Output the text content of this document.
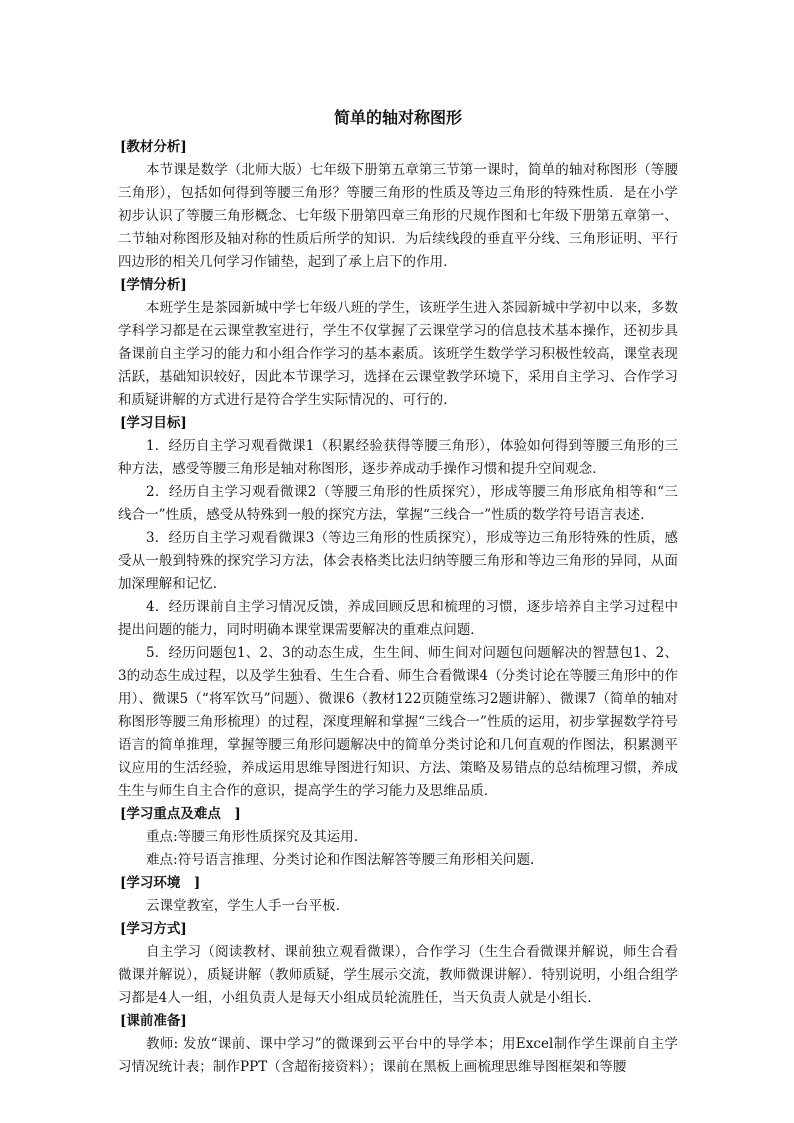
简单的轴对称图形
[教材分析]

本节课是数学（北师大版）七年级下册第五章第三节第一课时，简单的轴对称图形（等腰三角形），包括如何得到等腰三角形？等腰三角形的性质及等边三角形的特殊性质．是在小学初步认识了等腰三角形概念、七年级下册第四章三角形的尺规作图和七年级下册第五章第一、二节轴对称图形及轴对称的性质后所学的知识．为后续线段的垂直平分线、三角形证明、平行四边形的相关几何学习作铺垫，起到了承上启下的作用．

[学情分析]

本班学生是茶园新城中学七年级八班的学生，该班学生进入茶园新城中学初中以来，多数学科学习都是在云课堂教室进行，学生不仅掌握了云课堂学习的信息技术基本操作，还初步具备课前自主学习的能力和小组合作学习的基本素质。该班学生数学学习积极性较高，课堂表现活跃，基础知识较好，因此本节课学习，选择在云课堂教学环境下，采用自主学习、合作学习和质疑讲解的方式进行是符合学生实际情况的、可行的．

[学习目标]

1．经历自主学习观看微课1（积累经验获得等腰三角形），体验如何得到等腰三角形的三种方法，感受等腰三角形是轴对称图形，逐步养成动手操作习惯和提升空间观念．

2．经历自主学习观看微课2（等腰三角形的性质探究），形成等腰三角形底角相等和“三线合一”性质，感受从特殊到一般的探究方法，掌握“三线合一”性质的数学符号语言表述．

3．经历自主学习观看微课3（等边三角形的性质探究），形成等边三角形特殊的性质，感受从一般到特殊的探究学习方法，体会表格类比法归纳等腰三角形和等边三角形的异同，从面加深理解和记忆．

4．经历课前自主学习情况反馈，养成回顾反思和梳理的习惯，逐步培养自主学习过程中提出问题的能力，同时明确本课堂课需要解决的重难点问题．

5．经历问题包1、2、3的动态生成，生生间、师生间对问题包问题解决的智慧包1、2、3的动态生成过程，以及学生独看、生生合看、师生合看微课4（分类讨论在等腰三角形中的作用）、微课5（“将军饮马”问题）、微课6（教材122页随堂练习2题讲解）、微课7（简单的轴对称图形等腰三角形梳理）的过程，深度理解和掌握“三线合一”性质的运用，初步掌握数学符号语言的简单推理，掌握等腰三角形问题解决中的简单分类讨论和几何直观的作图法，积累测平议应用的生活经验，养成运用思维导图进行知识、方法、策略及易错点的总结梳理习惯，养成生生与师生自主合作的意识，提高学生的学习能力及思维品质．

[学习重点及难点　]

重点:等腰三角形性质探究及其运用.

难点:符号语言推理、分类讨论和作图法解答等腰三角形相关问题.

[学习环境　]

云课堂教室，学生人手一台平板．

[学习方式]

自主学习（阅读教材、课前独立观看微课），合作学习（生生合看微课并解说，师生合看微课并解说），质疑讲解（教师质疑，学生展示交流，教师微课讲解）．特别说明，小组合组学习都是4人一组，小组负责人是每天小组成员轮流胜任，当天负责人就是小组长．

[课前准备]

教师: 发放“课前、课中学习”的微课到云平台中的导学本；用Excel制作学生课前自主学习情况统计表；制作PPT（含超衔接资料）；课前在黑板上画梳理思维导图框架和等腰
